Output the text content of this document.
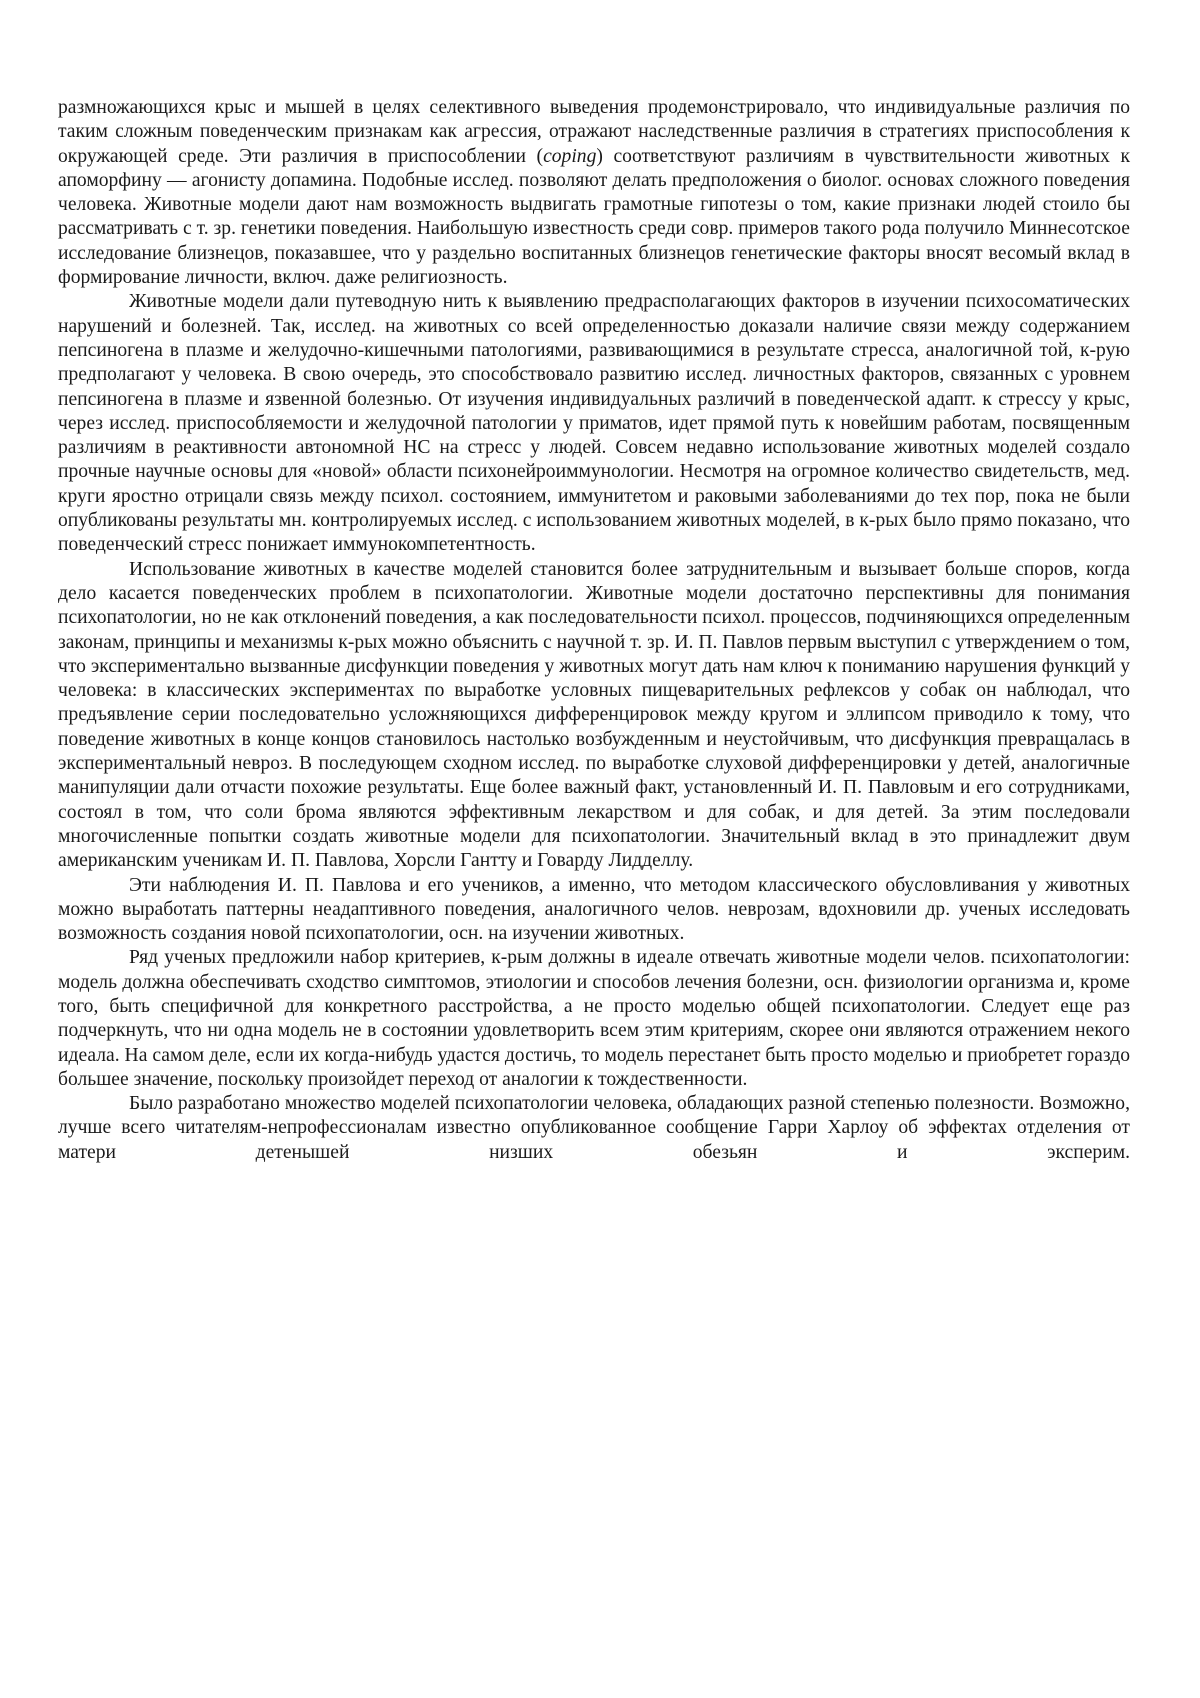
размножающихся крыс и мышей в целях селективного выведения продемонстрировало, что индивидуальные различия по таким сложным поведенческим признакам как агрессия, отражают наследственные различия в стратегиях приспособления к окружающей среде. Эти различия в приспособлении (coping) соответствуют различиям в чувствительности животных к апоморфину — агонисту допамина. Подобные исслед. позволяют делать предположения о биолог. основах сложного поведения человека. Животные модели дают нам возможность выдвигать грамотные гипотезы о том, какие признаки людей стоило бы рассматривать с т. зр. генетики поведения. Наибольшую известность среди совр. примеров такого рода получило Миннесотское исследование близнецов, показавшее, что у раздельно воспитанных близнецов генетические факторы вносят весомый вклад в формирование личности, включ. даже религиозность.

Животные модели дали путеводную нить к выявлению предрасполагающих факторов в изучении психосоматических нарушений и болезней. Так, исслед. на животных со всей определенностью доказали наличие связи между содержанием пепсиногена в плазме и желудочно-кишечными патологиями, развивающимися в результате стресса, аналогичной той, к-рую предполагают у человека. В свою очередь, это способствовало развитию исслед. личностных факторов, связанных с уровнем пепсиногена в плазме и язвенной болезнью. От изучения индивидуальных различий в поведенческой адапт. к стрессу у крыс, через исслед. приспособляемости и желудочной патологии у приматов, идет прямой путь к новейшим работам, посвященным различиям в реактивности автономной НС на стресс у людей. Совсем недавно использование животных моделей создало прочные научные основы для «новой» области психонейроиммунологии. Несмотря на огромное количество свидетельств, мед. круги яростно отрицали связь между психол. состоянием, иммунитетом и раковыми заболеваниями до тех пор, пока не были опубликованы результаты мн. контролируемых исслед. с использованием животных моделей, в к-рых было прямо показано, что поведенческий стресс понижает иммунокомпетентность.

Использование животных в качестве моделей становится более затруднительным и вызывает больше споров, когда дело касается поведенческих проблем в психопатологии. Животные модели достаточно перспективны для понимания психопатологии, но не как отклонений поведения, а как последовательности психол. процессов, подчиняющихся определенным законам, принципы и механизмы к-рых можно объяснить с научной т. зр. И. П. Павлов первым выступил с утверждением о том, что экспериментально вызванные дисфункции поведения у животных могут дать нам ключ к пониманию нарушения функций у человека: в классических экспериментах по выработке условных пищеварительных рефлексов у собак он наблюдал, что предъявление серии последовательно усложняющихся дифференцировок между кругом и эллипсом приводило к тому, что поведение животных в конце концов становилось настолько возбужденным и неустойчивым, что дисфункция превращалась в экспериментальный невроз. В последующем сходном исслед. по выработке слуховой дифференцировки у детей, аналогичные манипуляции дали отчасти похожие результаты. Еще более важный факт, установленный И. П. Павловым и его сотрудниками, состоял в том, что соли брома являются эффективным лекарством и для собак, и для детей. За этим последовали многочисленные попытки создать животные модели для психопатологии. Значительный вклад в это принадлежит двум американским ученикам И. П. Павлова, Хорсли Гантту и Говарду Лидделлу.

Эти наблюдения И. П. Павлова и его учеников, а именно, что методом классического обусловливания у животных можно выработать паттерны неадаптивного поведения, аналогичного челов. неврозам, вдохновили др. ученых исследовать возможность создания новой психопатологии, осн. на изучении животных.

Ряд ученых предложили набор критериев, к-рым должны в идеале отвечать животные модели челов. психопатологии: модель должна обеспечивать сходство симптомов, этиологии и способов лечения болезни, осн. физиологии организма и, кроме того, быть специфичной для конкретного расстройства, а не просто моделью общей психопатологии. Следует еще раз подчеркнуть, что ни одна модель не в состоянии удовлетворить всем этим критериям, скорее они являются отражением некого идеала. На самом деле, если их когда-нибудь удастся достичь, то модель перестанет быть просто моделью и приобретет гораздо большее значение, поскольку произойдет переход от аналогии к тождественности.

Было разработано множество моделей психопатологии человека, обладающих разной степенью полезности. Возможно, лучше всего читателям-непрофессионалам известно опубликованное сообщение Гарри Харлоу об эффектах отделения от матери детенышей низших обезьян и эксперим.
